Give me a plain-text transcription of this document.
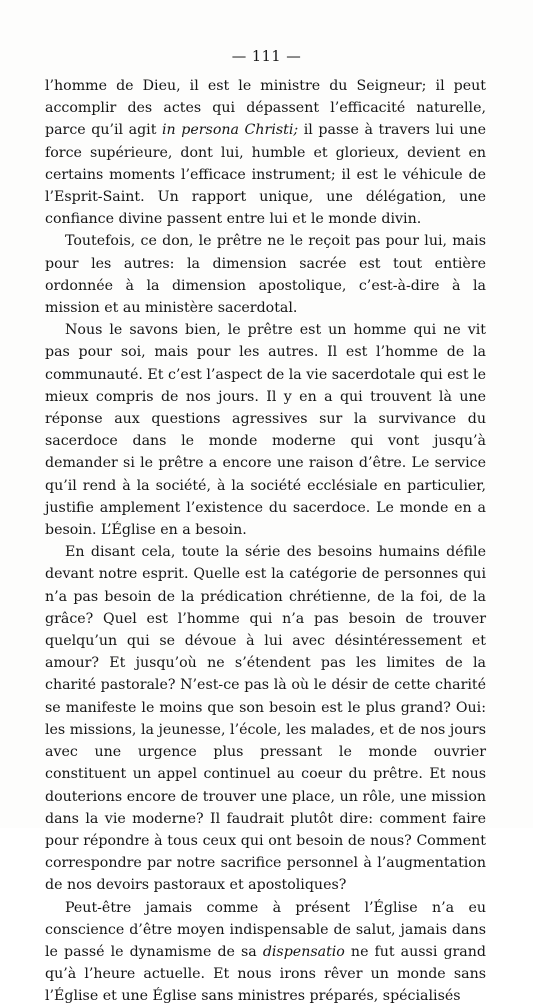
— 111 —

l’homme de Dieu, il est le ministre du Seigneur; il peut accomplir des actes qui dépassent l’efficacité naturelle, parce qu’il agit in persona Christi; il passe à travers lui une force supérieure, dont lui, humble et glorieux, devient en certains moments l’efficace instrument; il est le véhicule de l’Esprit-Saint. Un rapport unique, une délégation, une confiance divine passent entre lui et le monde divin.

Toutefois, ce don, le prêtre ne le reçoit pas pour lui, mais pour les autres: la dimension sacrée est tout entière ordonnée à la dimension apostolique, c’est-à-dire à la mission et au ministère sacerdotal.

Nous le savons bien, le prêtre est un homme qui ne vit pas pour soi, mais pour les autres. Il est l’homme de la communauté. Et c’est l’aspect de la vie sacerdotale qui est le mieux compris de nos jours. Il y en a qui trouvent là une réponse aux questions agressives sur la survivance du sacerdoce dans le monde moderne qui vont jusqu’à demander si le prêtre a encore une raison d’être. Le service qu’il rend à la société, à la société ecclésiale en particulier, justifie amplement l’existence du sacerdoce. Le monde en a besoin. L’Église en a besoin.

En disant cela, toute la série des besoins humains défile devant notre esprit. Quelle est la catégorie de personnes qui n’a pas besoin de la prédication chrétienne, de la foi, de la grâce? Quel est l’homme qui n’a pas besoin de trouver quelqu’un qui se dévoue à lui avec désintéressement et amour? Et jusqu’où ne s’étendent pas les limites de la charité pastorale? N’est-ce pas là où le désir de cette charité se manifeste le moins que son besoin est le plus grand? Oui: les missions, la jeunesse, l’école, les malades, et de nos jours avec une urgence plus pressant le monde ouvrier constituent un appel continuel au coeur du prêtre. Et nous douterions encore de trouver une place, un rôle, une mission dans la vie moderne? Il faudrait plutôt dire: comment faire pour répondre à tous ceux qui ont besoin de nous? Comment correspondre par notre sacrifice personnel à l’augmentation de nos devoirs pastoraux et apostoliques?

Peut-être jamais comme à présent l’Église n’a eu conscience d’être moyen indispensable de salut, jamais dans le passé le dynamisme de sa dispensatio ne fut aussi grand qu’à l’heure actuelle. Et nous irons rêver un monde sans l’Église et une Église sans ministres préparés, spécialisés
